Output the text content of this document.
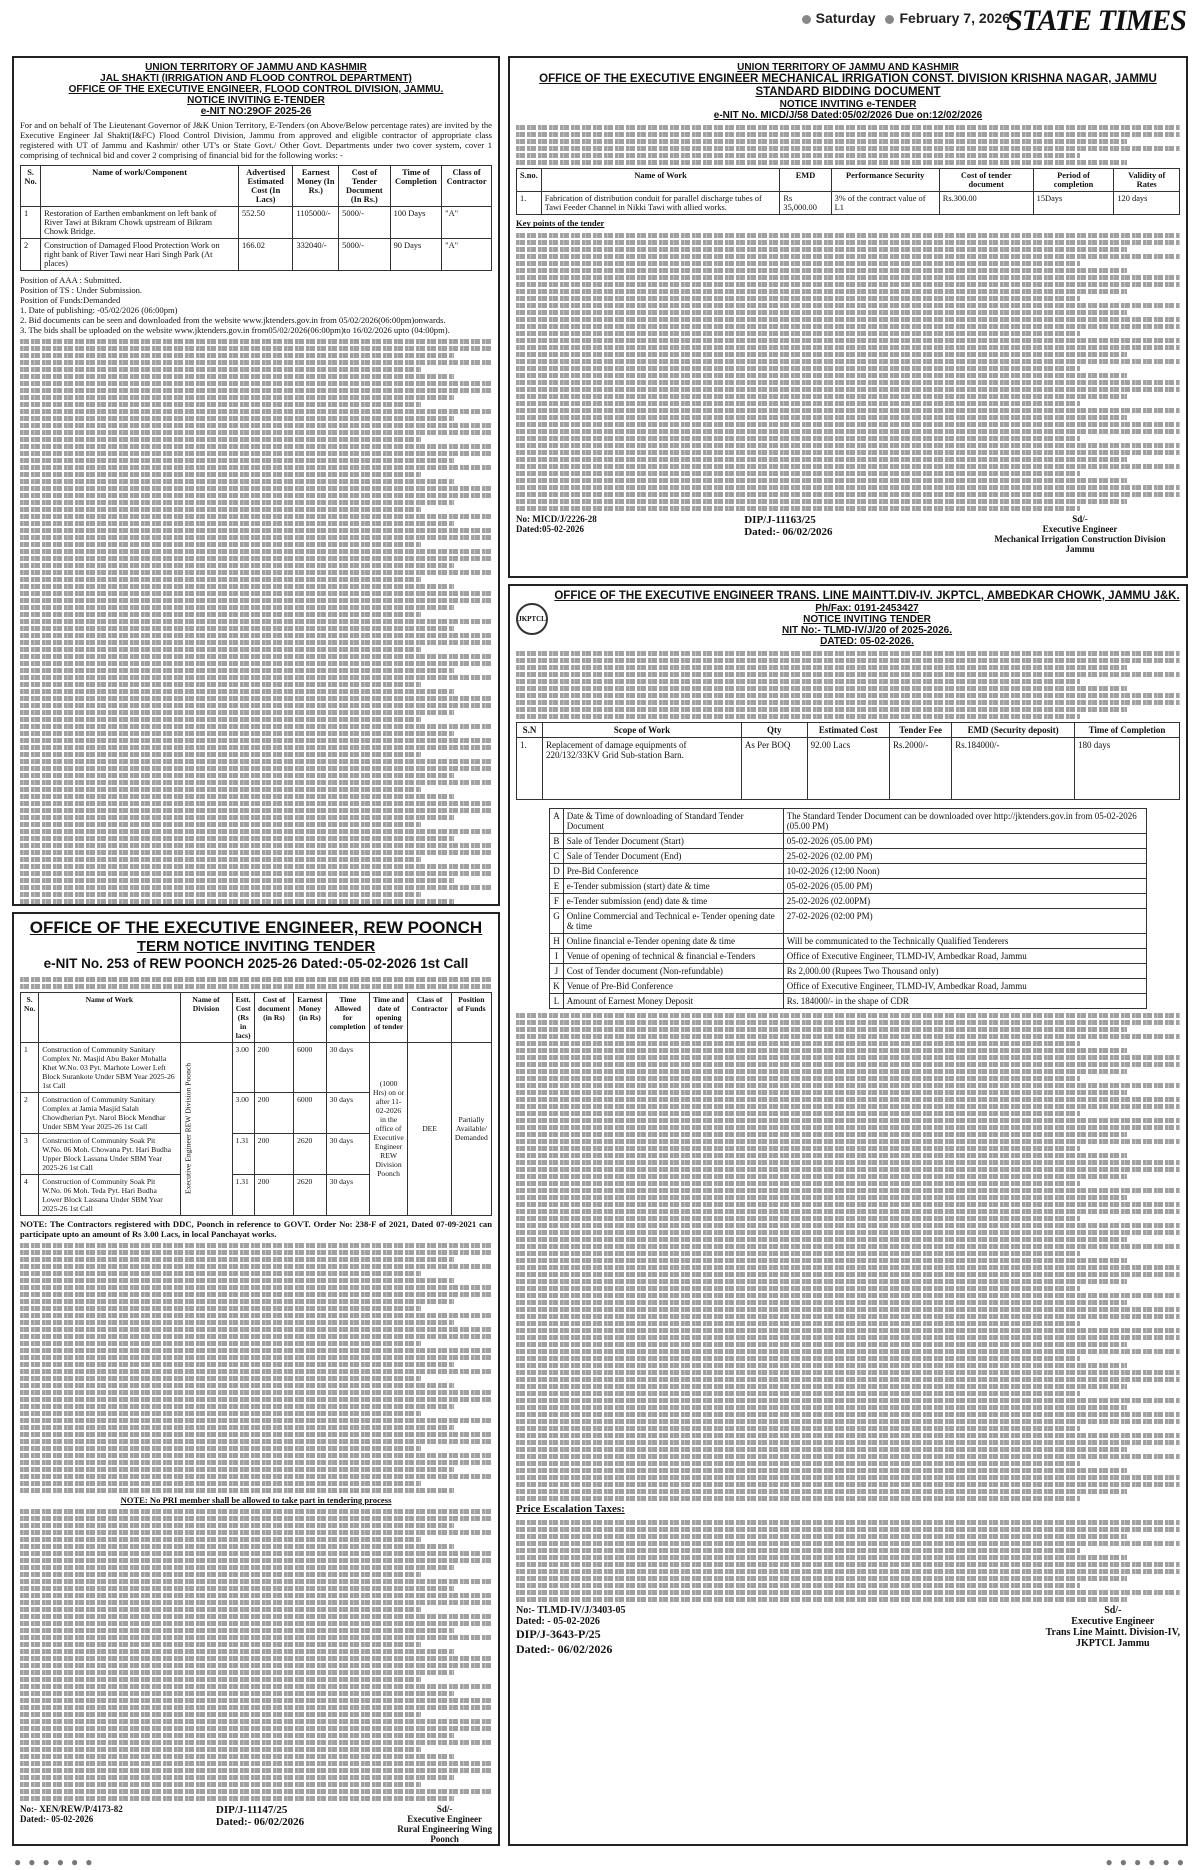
Saturday February 7, 2026
STATE TIMES
UNION TERRITORY OF JAMMU AND KASHMIR
JAL SHAKTI (IRRIGATION AND FLOOD CONTROL DEPARTMENT)
OFFICE OF THE EXECUTIVE ENGINEER, FLOOD CONTROL DIVISION, JAMMU.
NOTICE INVITING E-TENDER
e-NIT NO:29OF 2025-26
For and on behalf of The Lieutenant Governor of J&K Union Territory, E-Tenders (on Above/Below percentage rates) are invited by the Executive Engineer Jal Shakti(I&FC) Flood Control Division, Jammu from approved and eligible contractor of appropriate class registered with UT of Jammu and Kashmir/ other UT's or State Govt./ Other Govt. Departments under two cover system, cover 1 comprising of technical bid and cover 2 comprising of financial bid for the following works: -
S. No.	Name of work/Component	Advertised Estimated Cost (In Lacs)	Earnest Money (In Rs.)	Cost of Tender Document (In Rs.)	Time of Completion	Class of Contractor
1	Restoration of Earthen embankment on left bank of River Tawi at Bikram Chowk upstream of Bikram Chowk Bridge.	552.50	1105000/-	5000/-	100 Days	"A"
2	Construction of Damaged Flood Protection Work on right bank of River Tawi near Hari Singh Park (At places)	166.02	332040/-	5000/-	90 Days	"A"
Position of AAA : Submitted.
Position of TS : Under Submission.
Position of Funds:Demanded
1. Date of publishing: -05/02/2026 (06:00pm)
2. Bid documents can be seen and downloaded from the website www.jktenders.gov.in from 05/02/2026(06:00pm)onwards.
3. The bids shall be uploaded on the website www.jktenders.gov.in from05/02/2026(06:00pm)to 16/02/2026 upto (04:00pm).
UNION TERRITORY OF JAMMU AND KASHMIR
OFFICE OF THE EXECUTIVE ENGINEER MECHANICAL IRRIGATION CONST. DIVISION KRISHNA NAGAR, JAMMU
STANDARD BIDDING DOCUMENT
NOTICE INVITING e-TENDER
e-NIT No. MICD/J/58 Dated:05/02/2026 Due on:12/02/2026
S.no.	Name of Work	EMD	Performance Security	Cost of tender document	Period of completion	Validity of Rates
1.	Fabrication of distribution conduit for parallel discharge tubes of Tawi Feeder Channel in Nikki Tawi with allied works.	Rs 35,000.00	3% of the contract value of L1	Rs.300.00	15Days	120 days
Key points of the tender
No: MICD/J/2226-28
Dated:05-02-2026
DIP/J-11163/25
Dated:- 06/02/2026
Sd/-
Executive Engineer
Mechanical Irrigation Construction Division Jammu
JKPTCL
OFFICE OF THE EXECUTIVE ENGINEER TRANS. LINE MAINTT.DIV-IV. JKPTCL, AMBEDKAR CHOWK, JAMMU J&K.
Ph/Fax: 0191-2453427
NOTICE INVITING TENDER
NIT No:- TLMD-IV/J/20 of 2025-2026.
DATED: 05-02-2026.
S.N	Scope of Work	Qty	Estimated Cost	Tender Fee	EMD (Security deposit)	Time of Completion
1.	Replacement of damage equipments of 220/132/33KV Grid Sub-station Barn.	As Per BOQ	92.00 Lacs	Rs.2000/-	Rs.184000/-	180 days
A	Date & Time of downloading of Standard Tender Document	The Standard Tender Document can be downloaded over http://jktenders.gov.in from 05-02-2026 (05.00 PM)
B	Sale of Tender Document (Start)	05-02-2026 (05.00 PM)
C	Sale of Tender Document (End)	25-02-2026 (02.00 PM)
D	Pre-Bid Conference	10-02-2026 (12:00 Noon)
E	e-Tender submission (start) date & time	05-02-2026 (05.00 PM)
F	e-Tender submission (end) date & time	25-02-2026 (02.00PM)
G	Online Commercial and Technical e- Tender opening date & time	27-02-2026 (02:00 PM)
H	Online financial e-Tender opening date & time	Will be communicated to the Technically Qualified Tenderers
I	Venue of opening of technical & financial e-Tenders	Office of Executive Engineer, TLMD-IV, Ambedkar Road, Jammu
J	Cost of Tender document (Non-refundable)	Rs 2,000.00 (Rupees Two Thousand only)
K	Venue of Pre-Bid Conference	Office of Executive Engineer, TLMD-IV, Ambedkar Road, Jammu
L	Amount of Earnest Money Deposit	Rs. 184000/- in the shape of CDR
Price Escalation Taxes:
No:- TLMD-IV/J/3403-05
Dated: - 05-02-2026
DIP/J-3643-P/25
Dated:- 06/02/2026
Sd/-
Executive Engineer
Trans Line Maintt. Division-IV,
JKPTCL Jammu
OFFICE OF THE EXECUTIVE ENGINEER, REW POONCH
TERM NOTICE INVITING TENDER
e-NIT No. 253 of REW POONCH 2025-26 Dated:-05-02-2026 1st Call
S. No.	Name of Work	Name of Division	Estt. Cost (Rs in lacs)	Cost of document (in Rs)	Earnest Money (in Rs)	Time Allowed for completion	Time and date of opening of tender	Class of Contractor	Position of Funds
1	Construction of Community Sanitary Complex Nr. Masjid Abu Baker Mohalla Khet W.No. 03 Pyt. Marhote Lower Left Block Surankote Under SBM Year 2025-26 1st Call	Executive Engineer REW Division Poonch	3.00	200	6000	30 days	(1000 Hrs) on or after 11-02-2026 in the office of Executive Engineer REW Division Poonch	DEE	Partially Available/ Demanded
2	Construction of Community Sanitary Complex at Jamia Masjid Salah Chowdherian Pyt. Narol Block Mendhar Under SBM Year 2025-26 1st Call		3.00	200	6000	30 days			
3	Construction of Community Soak Pit W.No. 06 Moh. Chowana Pyt. Hari Budha Upper Block Lassana Under SBM Year 2025-26 1st Call		1.31	200	2620	30 days			
4	Construction of Community Soak Pit W.No. 06 Moh. Teda Pyt. Hari Budha Lower Block Lassana Under SBM Year 2025-26 1st Call		1.31	200	2620	30 days			
NOTE: The Contractors registered with DDC, Poonch in reference to GOVT. Order No: 238-F of 2021, Dated 07-09-2021 can participate upto an amount of Rs 3.00 Lacs, in local Panchayat works.
NOTE: No PRI member shall be allowed to take part in tendering process
No:- XEN/REW/P/4173-82
Dated:- 05-02-2026
DIP/J-11147/25
Dated:- 06/02/2026
Sd/-
Executive Engineer
Rural Engineering Wing
Poonch
● ● ● ● ● ●	● ● ● ● ● ●
